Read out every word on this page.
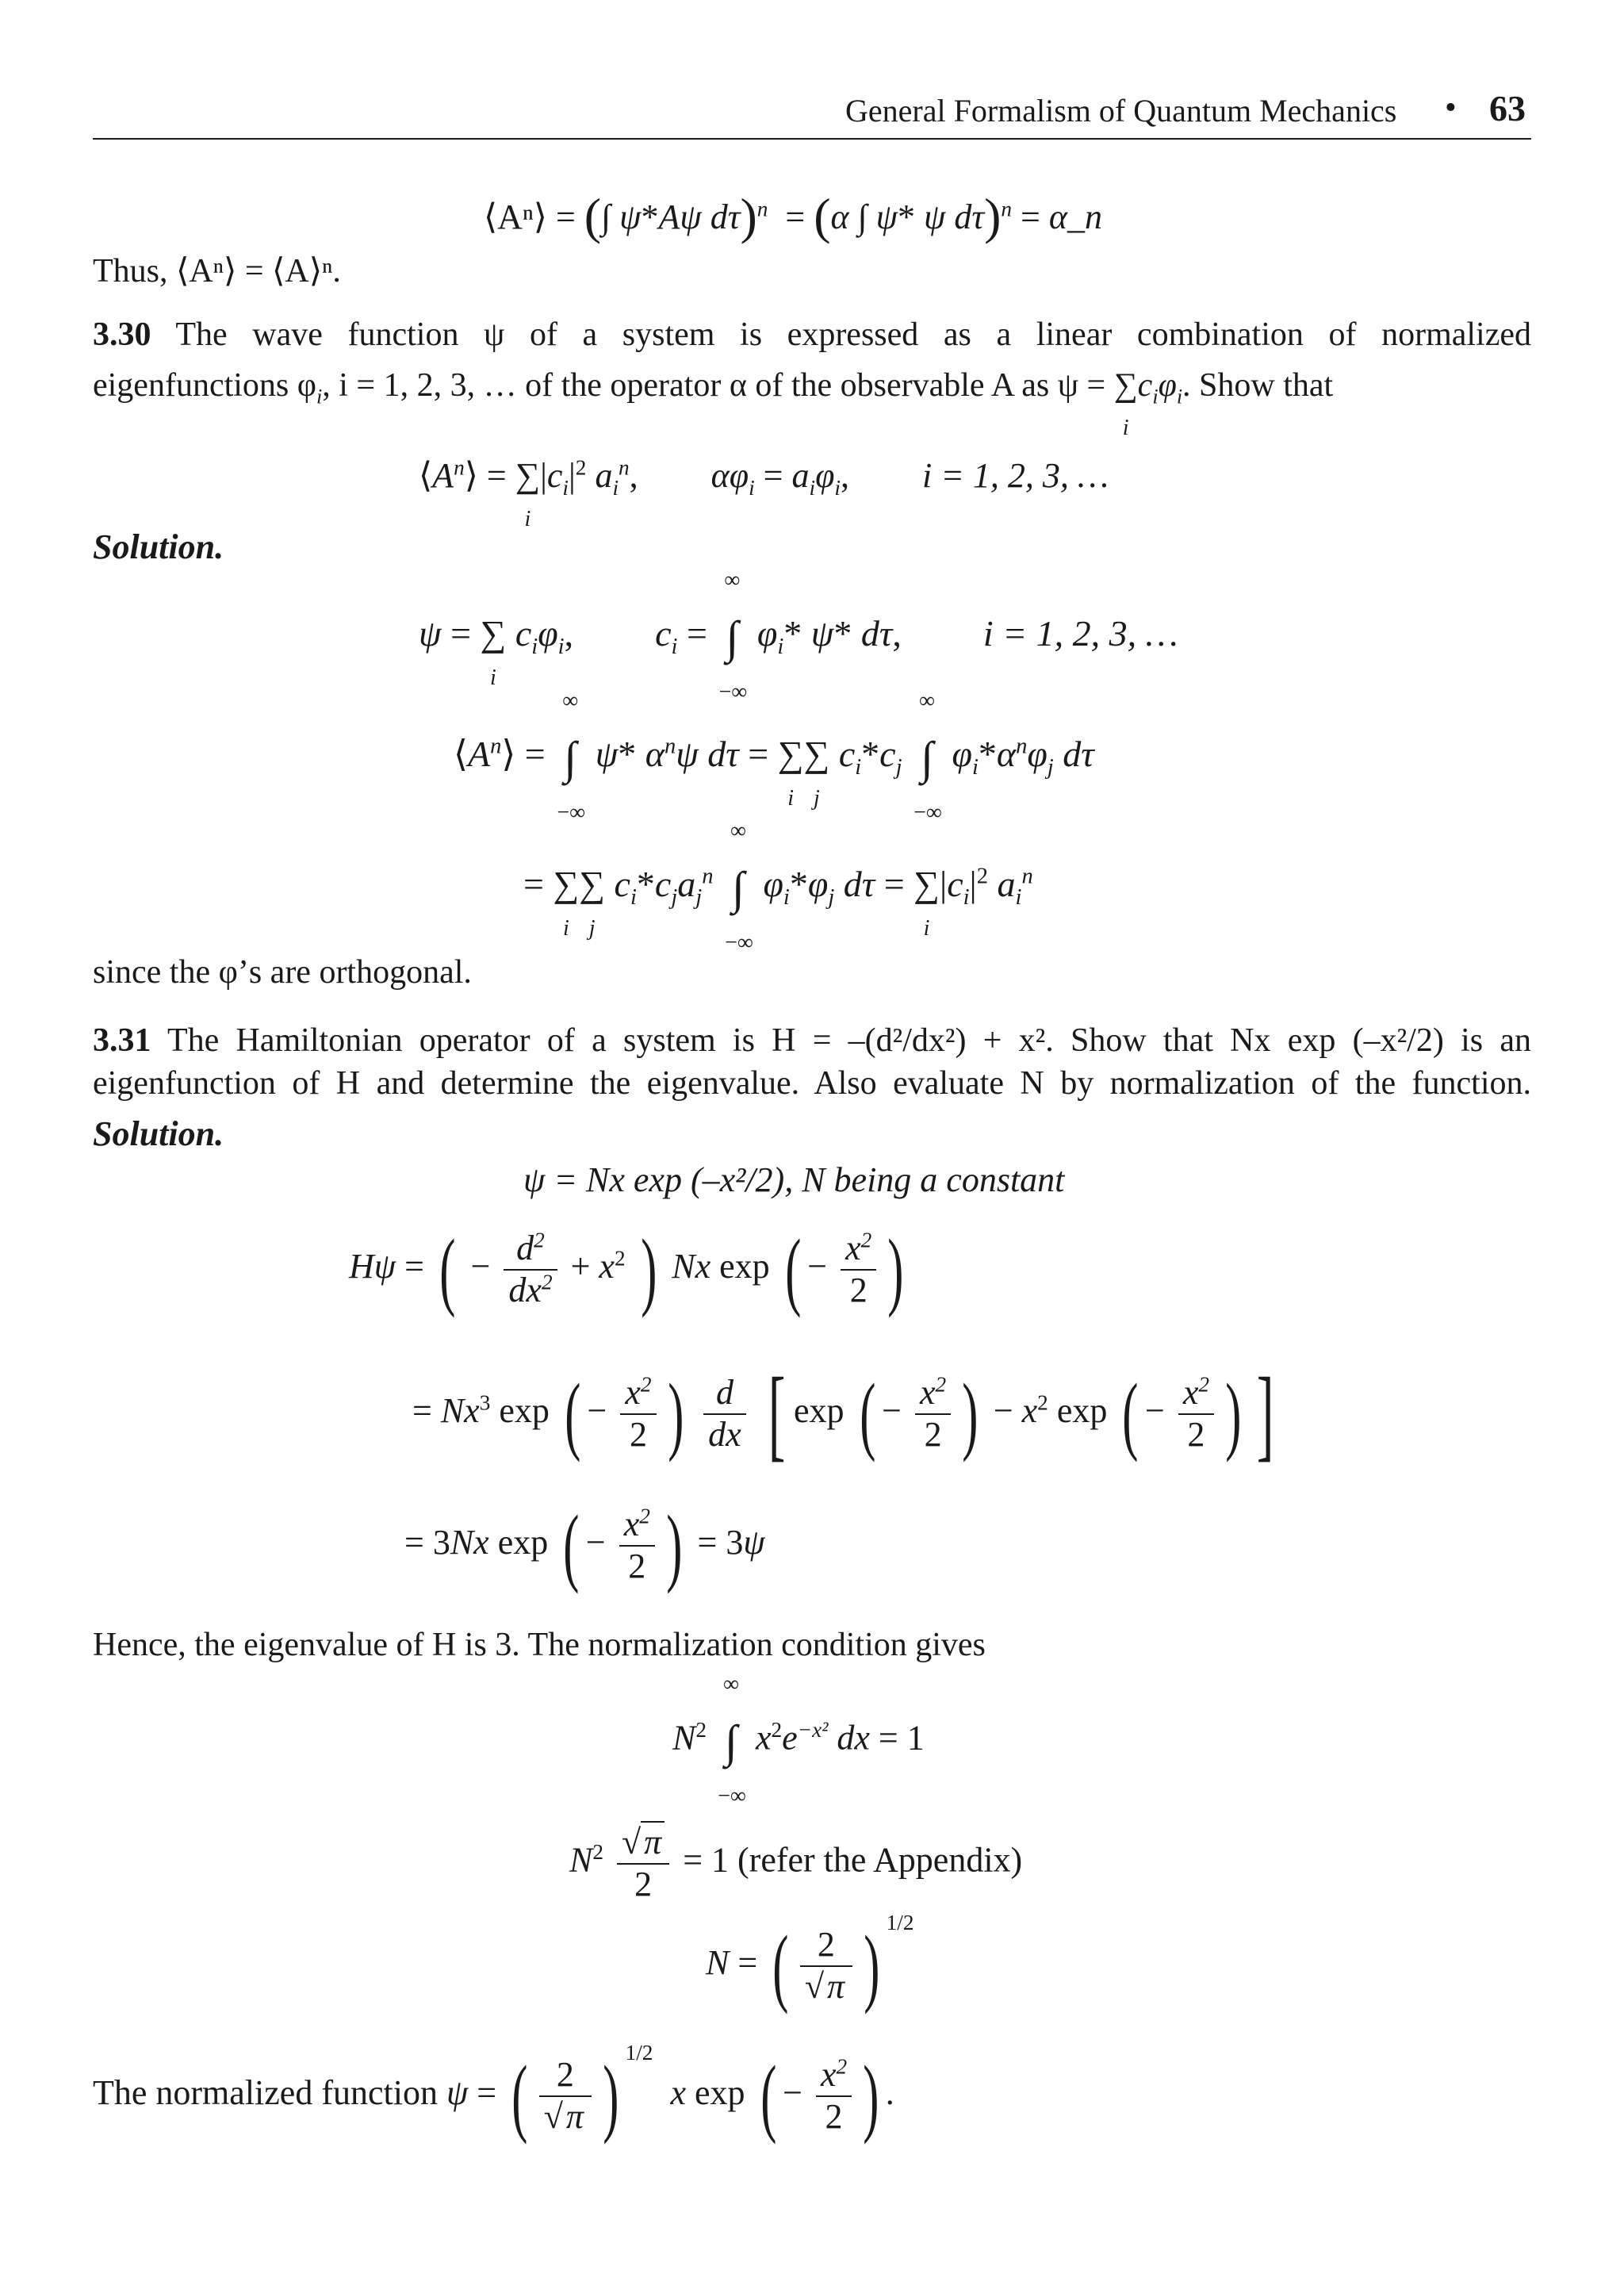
General Formalism of Quantum Mechanics • 63
⟨Aⁿ⟩ = (∫ ψ*Aψ dτ)$^n$  = (α ∫ ψ* ψ dτ)$^n$ = α_n
Thus, ⟨Aⁿ⟩ = ⟨A⟩ⁿ.
3.30 The wave function ψ of a system is expressed as a linear combination of normalized
eigenfunctions $\varphi_i$, i = 1, 2, 3, … of the operator α of the observable A as ψ = ∑
i
$c_i\varphi_i$. Show that
$⟨A^n⟩$ = ∑
i
$|c_i|^2$ $a_i^n$,  $\alpha\varphi_i = a_i\varphi_i$,  i = 1, 2, 3, …
Solution.
ψ = ∑
i
$c_i\varphi_i$,  $c_i$ =
∞
∫
−∞
$\varphi_i*$ ψ* dτ,  i = 1, 2, 3, …
$⟨A^n⟩$ =
∞
∫
−∞
ψ* $\alpha^n\psi$ dτ = ∑
i
∑
j
$c_i*c_j$
∞
∫
−∞
$\varphi_i*\alpha^n\varphi_j$ dτ
= ∑
i
∑
j
$c_i*c_ja_j^n$
∞
∫
−∞
$\varphi_i*\varphi_j$ dτ = ∑
i
$|c_i|^2$ $a_i^n$
since the φ’s are orthogonal.
3.31 The Hamiltonian operator of a system is H = –(d²/dx²) + x². Show that Nx exp (–x²/2) is an
eigenfunction of H and determine the eigenvalue. Also evaluate N by normalization of the function.
Solution.
ψ = Nx exp (–x²/2), N being a constant
Hψ = ( − $\frac{d^2}{dx^2} + x^2$ ) Nx exp ( − $\frac{x^2}{2}$ )
= $Nx^3$ exp ( − $\frac{x^2}{2}$ ) $\frac{d}{dx}$ [ exp ( − $\frac{x^2}{2}$ ) − $x^2$ exp ( − $\frac{x^2}{2}$ ) ]
= 3Nx exp ( − $\frac{x^2}{2}$ ) = 3ψ
Hence, the eigenvalue of H is 3. The normalization condition gives
$N^2$
∞
∫
−∞
$x^2e^{-x^2}$ dx = 1
$N^2 \frac{√\pi}{2} = 1$ (refer the Appendix)
N = ( $\frac{2}{√\pi}$ ) $^{1/2}$
The normalized function ψ = ( $\frac{2}{√\pi}$ ) $^{1/2}$  x exp ( − $\frac{x^2}{2}$ ) .
